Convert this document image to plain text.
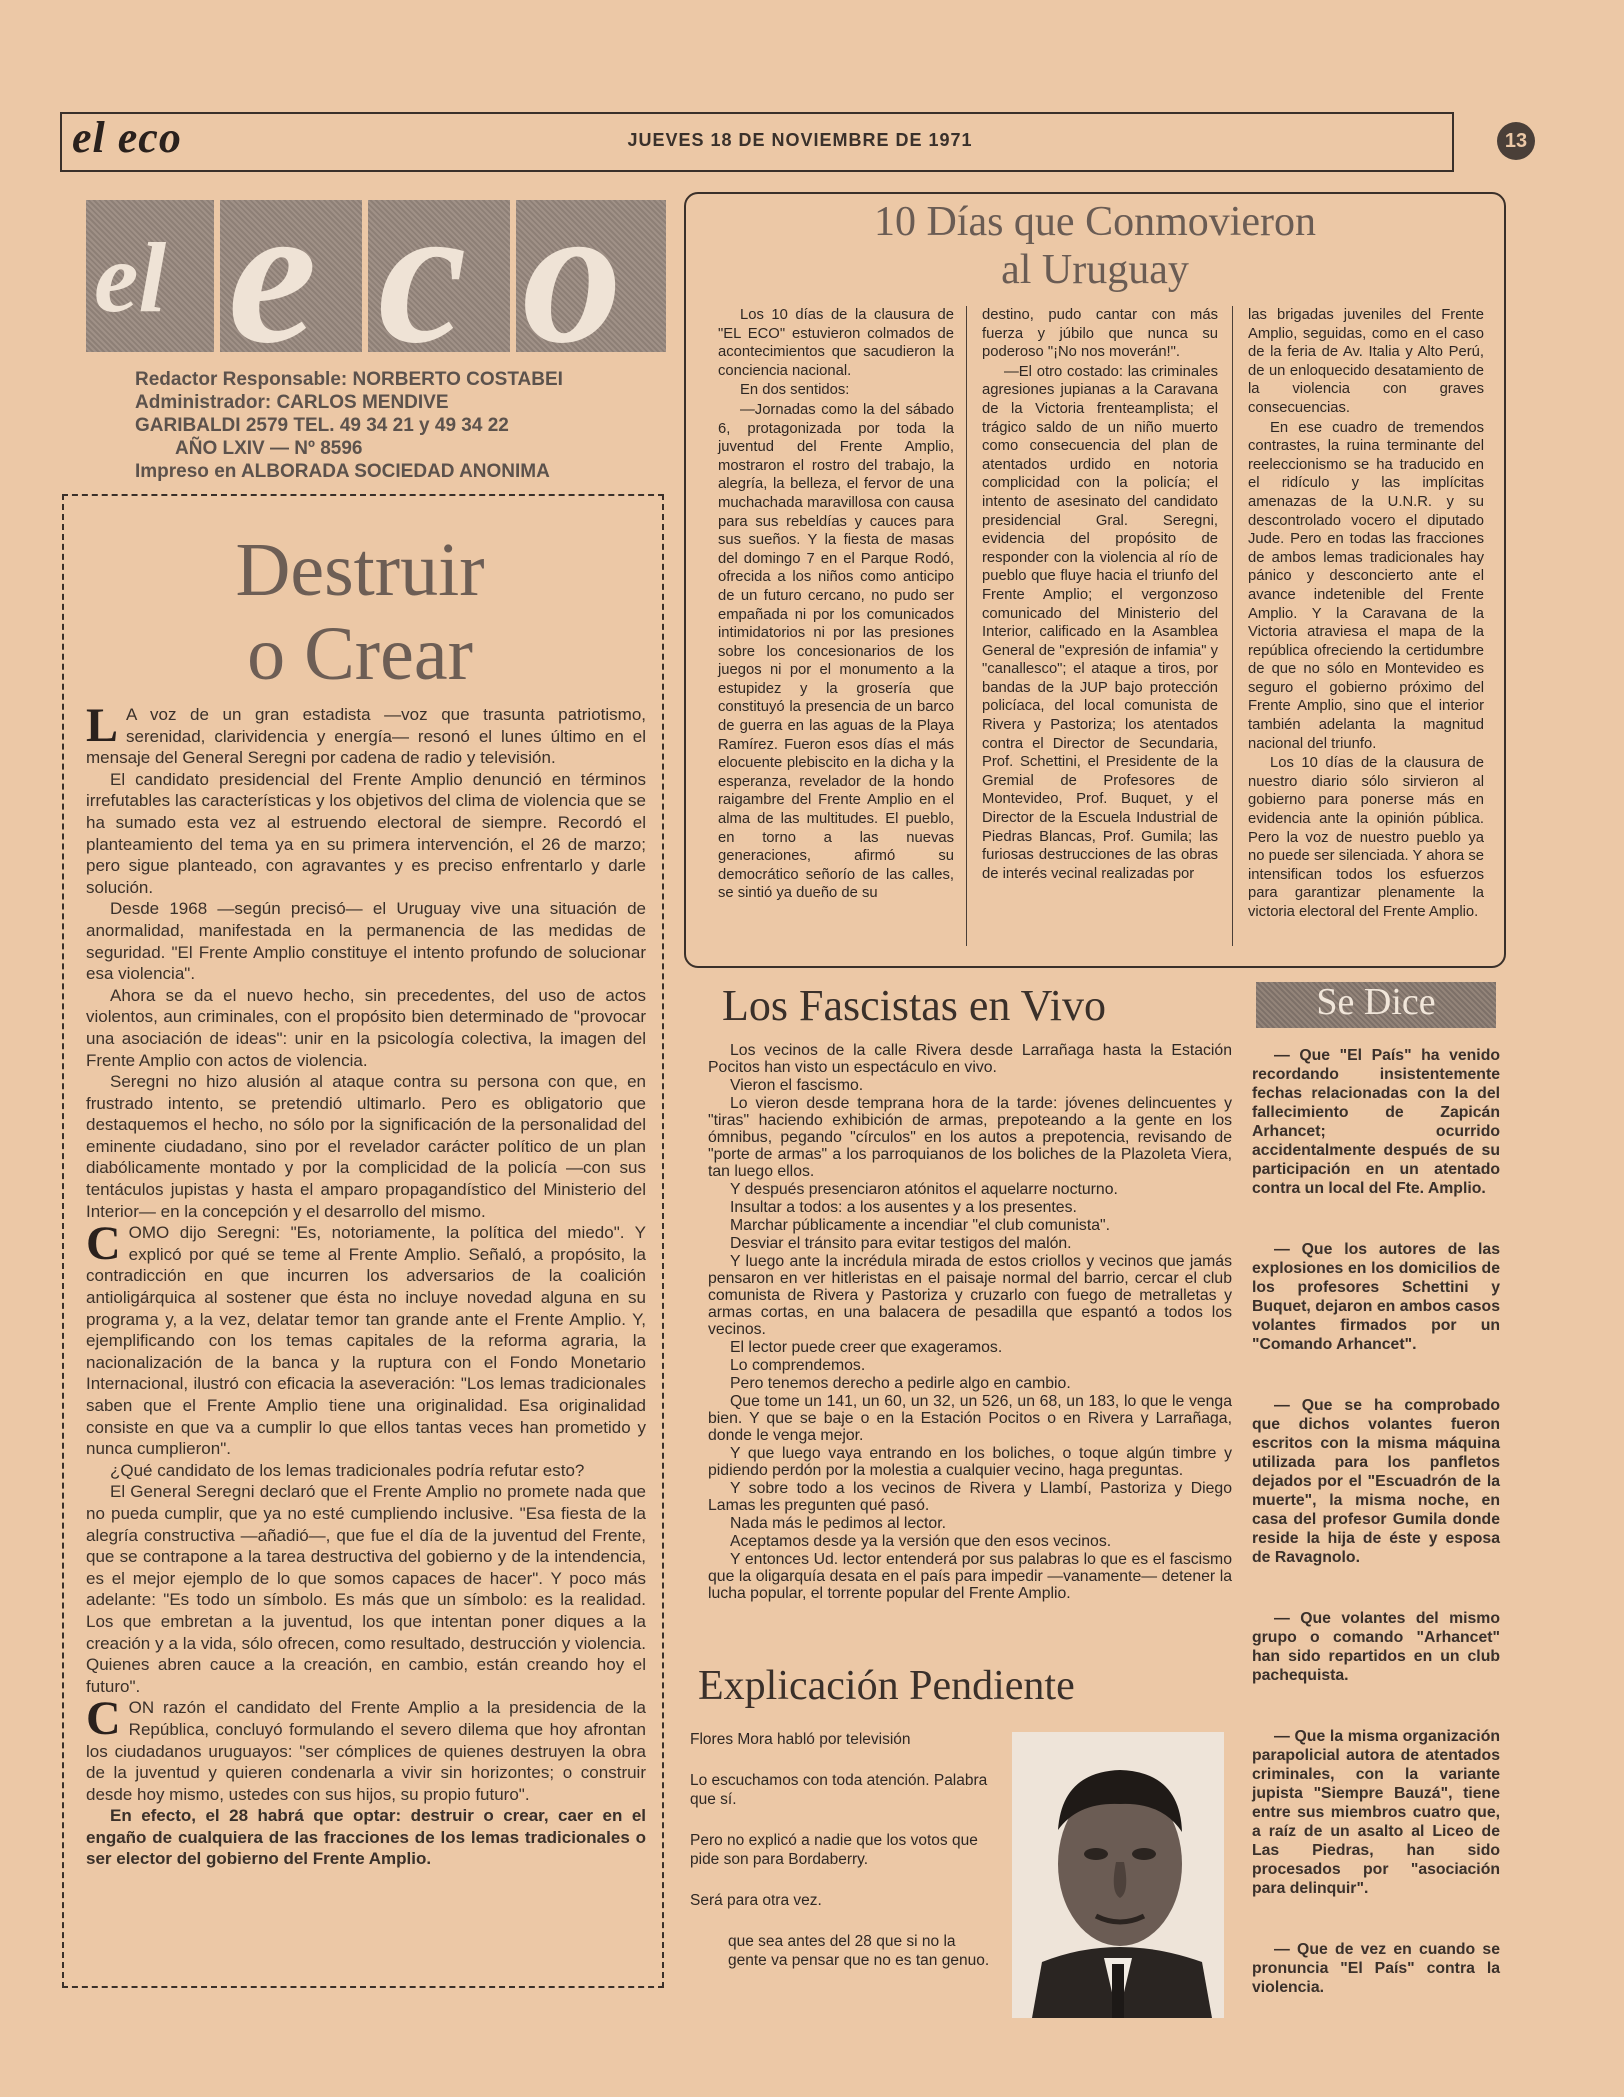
el eco	JUEVES 18 DE NOVIEMBRE DE 1971	13
el e c o
Redactor Responsable: NORBERTO COSTABEI
Administrador: CARLOS MENDIVE
GARIBALDI 2579 TEL. 49 34 21 y 49 34 22
AÑO LXIV — Nº 8596
Impreso en ALBORADA SOCIEDAD ANONIMA
Destruir
o Crear

L A voz de un gran estadista —voz que trasunta patriotismo, serenidad, clarividencia y energía— resonó el lunes último en el mensaje del General Seregni por cadena de radio y televisión.

El candidato presidencial del Frente Amplio denunció en términos irrefutables las características y los objetivos del clima de violencia que se ha sumado esta vez al estruendo electoral de siempre. Recordó el planteamiento del tema ya en su primera intervención, el 26 de marzo; pero sigue planteado, con agravantes y es preciso enfrentarlo y darle solución.

Desde 1968 —según precisó— el Uruguay vive una situación de anormalidad, manifestada en la permanencia de las medidas de seguridad. "El Frente Amplio constituye el intento profundo de solucionar esa violencia".

Ahora se da el nuevo hecho, sin precedentes, del uso de actos violentos, aun criminales, con el propósito bien determinado de "provocar una asociación de ideas": unir en la psicología colectiva, la imagen del Frente Amplio con actos de violencia.

Seregni no hizo alusión al ataque contra su persona con que, en frustrado intento, se pretendió ultimarlo. Pero es obligatorio que destaquemos el hecho, no sólo por la significación de la personalidad del eminente ciudadano, sino por el revelador carácter político de un plan diabólicamente montado y por la complicidad de la policía —con sus tentáculos jupistas y hasta el amparo propagandístico del Ministerio del Interior— en la concepción y el desarrollo del mismo.

COMO dijo Seregni: "Es, notoriamente, la política del miedo". Y explicó por qué se teme al Frente Amplio. Señaló, a propósito, la contradicción en que incurren los adversarios de la coalición antioligárquica al sostener que ésta no incluye novedad alguna en su programa y, a la vez, delatar temor tan grande ante el Frente Amplio. Y, ejemplificando con los temas capitales de la reforma agraria, la nacionalización de la banca y la ruptura con el Fondo Monetario Internacional, ilustró con eficacia la aseveración: "Los lemas tradicionales saben que el Frente Amplio tiene una originalidad. Esa originalidad consiste en que va a cumplir lo que ellos tantas veces han prometido y nunca cumplieron".

¿Qué candidato de los lemas tradicionales podría refutar esto?

El General Seregni declaró que el Frente Amplio no promete nada que no pueda cumplir, que ya no esté cumpliendo inclusive. "Esa fiesta de la alegría constructiva —añadió—, que fue el día de la juventud del Frente, que se contrapone a la tarea destructiva del gobierno y de la intendencia, es el mejor ejemplo de lo que somos capaces de hacer". Y poco más adelante: "Es todo un símbolo. Es más que un símbolo: es la realidad. Los que embretan a la juventud, los que intentan poner diques a la creación y a la vida, sólo ofrecen, como resultado, destrucción y violencia. Quienes abren cauce a la creación, en cambio, están creando hoy el futuro".

CON razón el candidato del Frente Amplio a la presidencia de la República, concluyó formulando el severo dilema que hoy afrontan los ciudadanos uruguayos: "ser cómplices de quienes destruyen la obra de la juventud y quieren condenarla a vivir sin horizontes; o construir desde hoy mismo, ustedes con sus hijos, su propio futuro".

En efecto, el 28 habrá que optar: destruir o crear, caer en el engaño de cualquiera de las fracciones de los lemas tradicionales o ser elector del gobierno del Frente Amplio.

10 Días que Conmovieron
al Uruguay

Los 10 días de la clausura de "EL ECO" estuvieron colmados de acontecimientos que sacudieron la conciencia nacional.

En dos sentidos:

—Jornadas como la del sábado 6, protagonizada por toda la juventud del Frente Amplio, mostraron el rostro del trabajo, la alegría, la belleza, el fervor de una muchachada maravillosa con causa para sus rebeldías y cauces para sus sueños. Y la fiesta de masas del domingo 7 en el Parque Rodó, ofrecida a los niños como anticipo de un futuro cercano, no pudo ser empañada ni por los comunicados intimidatorios ni por las presiones sobre los concesionarios de los juegos ni por el monumento a la estupidez y la grosería que constituyó la presencia de un barco de guerra en las aguas de la Playa Ramírez. Fueron esos días el más elocuente plebiscito en la dicha y la esperanza, revelador de la hondo raigambre del Frente Amplio en el alma de las multitudes. El pueblo, en torno a las nuevas generaciones, afirmó su democrático señorío de las calles, se sintió ya dueño de su

destino, pudo cantar con más fuerza y júbilo que nunca su poderoso "¡No nos moverán!".

—El otro costado: las criminales agresiones jupianas a la Caravana de la Victoria frenteamplista; el trágico saldo de un niño muerto como consecuencia del plan de atentados urdido en notoria complicidad con la policía; el intento de asesinato del candidato presidencial Gral. Seregni, evidencia del propósito de responder con la violencia al río de pueblo que fluye hacia el triunfo del Frente Amplio; el vergonzoso comunicado del Ministerio del Interior, calificado en la Asamblea General de "expresión de infamia" y "canallesco"; el ataque a tiros, por bandas de la JUP bajo protección policíaca, del local comunista de Rivera y Pastoriza; los atentados contra el Director de Secundaria, Prof. Schettini, el Presidente de la Gremial de Profesores de Montevideo, Prof. Buquet, y el Director de la Escuela Industrial de Piedras Blancas, Prof. Gumila; las furiosas destrucciones de las obras de interés vecinal realizadas por

las brigadas juveniles del Frente Amplio, seguidas, como en el caso de la feria de Av. Italia y Alto Perú, de un enloquecido desatamiento de la violencia con graves consecuencias.

En ese cuadro de tremendos contrastes, la ruina terminante del reeleccionismo se ha traducido en el ridículo y las implícitas amenazas de la U.N.R. y su descontrolado vocero el diputado Jude. Pero en todas las fracciones de ambos lemas tradicionales hay pánico y desconcierto ante el avance indetenible del Frente Amplio. Y la Caravana de la Victoria atraviesa el mapa de la república ofreciendo la certidumbre de que no sólo en Montevideo es seguro el gobierno próximo del Frente Amplio, sino que el interior también adelanta la magnitud nacional del triunfo.

Los 10 días de la clausura de nuestro diario sólo sirvieron al gobierno para ponerse más en evidencia ante la opinión pública. Pero la voz de nuestro pueblo ya no puede ser silenciada. Y ahora se intensifican todos los esfuerzos para garantizar plenamente la victoria electoral del Frente Amplio.

Los Fascistas en Vivo

Los vecinos de la calle Rivera desde Larrañaga hasta la Estación Pocitos han visto un espectáculo en vivo.

Vieron el fascismo.

Lo vieron desde temprana hora de la tarde: jóvenes delincuentes y "tiras" haciendo exhibición de armas, prepoteando a la gente en los ómnibus, pegando "círculos" en los autos a prepotencia, revisando de "porte de armas" a los parroquianos de los boliches de la Plazoleta Viera, tan luego ellos.

Y después presenciaron atónitos el aquelarre nocturno.

Insultar a todos: a los ausentes y a los presentes.

Marchar públicamente a incendiar "el club comunista".

Desviar el tránsito para evitar testigos del malón.

Y luego ante la incrédula mirada de estos criollos y vecinos que jamás pensaron en ver hitleristas en el paisaje normal del barrio, cercar el club comunista de Rivera y Pastoriza y cruzarlo con fuego de metralletas y armas cortas, en una balacera de pesadilla que espantó a todos los vecinos.

El lector puede creer que exageramos.

Lo comprendemos.

Pero tenemos derecho a pedirle algo en cambio.

Que tome un 141, un 60, un 32, un 526, un 68, un 183, lo que le venga bien. Y que se baje o en la Estación Pocitos o en Rivera y Larrañaga, donde le venga mejor.

Y que luego vaya entrando en los boliches, o toque algún timbre y pidiendo perdón por la molestia a cualquier vecino, haga preguntas.

Y sobre todo a los vecinos de Rivera y Llambí, Pastoriza y Diego Lamas les pregunten qué pasó.

Nada más le pedimos al lector.

Aceptamos desde ya la versión que den esos vecinos.

Y entonces Ud. lector entenderá por sus palabras lo que es el fascismo que la oligarquía desata en el país para impedir —vanamente— detener la lucha popular, el torrente popular del Frente Amplio.

Explicación Pendiente

Flores Mora habló por televisión

Lo escuchamos con toda atención. Palabra que sí.

Pero no explicó a nadie que los votos que pide son para Bordaberry.

Será para otra vez.

que sea antes del 28 que si no la gente va pensar que no es tan genuo.

Se Dice

— Que "El País" ha venido recordando insistentemente fechas relacionadas con la del fallecimiento de Zapicán Arhancet; ocurrido accidentalmente después de su participación en un atentado contra un local del Fte. Amplio.

— Que los autores de las explosiones en los domicilios de los profesores Schettini y Buquet, dejaron en ambos casos volantes firmados por un "Comando Arhancet".

— Que se ha comprobado que dichos volantes fueron escritos con la misma máquina utilizada para los panfletos dejados por el "Escuadrón de la muerte", la misma noche, en casa del profesor Gumila donde reside la hija de éste y esposa de Ravagnolo.

— Que volantes del mismo grupo o comando "Arhancet" han sido repartidos en un club pachequista.

— Que la misma organización parapolicial autora de atentados criminales, con la variante jupista "Siempre Bauzá", tiene entre sus miembros cuatro que, a raíz de un asalto al Liceo de Las Piedras, han sido procesados por "asociación para delinquir".

— Que de vez en cuando se pronuncia "El País" contra la violencia.
